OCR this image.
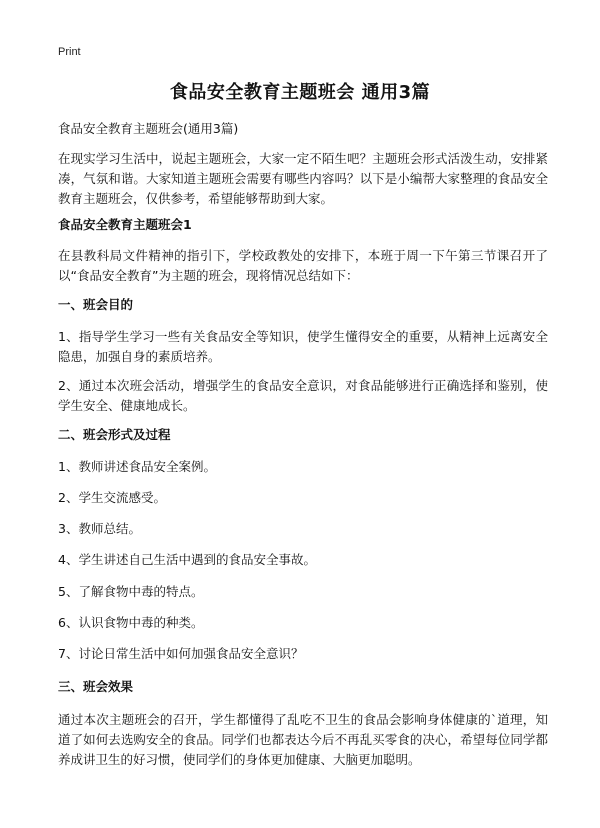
Print
食品安全教育主题班会 通用3篇
食品安全教育主题班会(通用3篇)
在现实学习生活中，说起主题班会，大家一定不陌生吧？主题班会形式活泼生动，安排紧凑，气氛和谐。大家知道主题班会需要有哪些内容吗？以下是小编帮大家整理的食品安全教育主题班会，仅供参考，希望能够帮助到大家。
食品安全教育主题班会1
在县教科局文件精神的指引下，学校政教处的安排下，本班于周一下午第三节课召开了以“食品安全教育”为主题的班会，现将情况总结如下：
一、班会目的
1、指导学生学习一些有关食品安全等知识，使学生懂得安全的重要，从精神上远离安全隐患，加强自身的素质培养。
2、通过本次班会活动，增强学生的食品安全意识，对食品能够进行正确选择和鉴别，使学生安全、健康地成长。
二、班会形式及过程
1、教师讲述食品安全案例。
2、学生交流感受。
3、教师总结。
4、学生讲述自己生活中遇到的食品安全事故。
5、了解食物中毒的特点。
6、认识食物中毒的种类。
7、讨论日常生活中如何加强食品安全意识？
三、班会效果
通过本次主题班会的召开，学生都懂得了乱吃不卫生的食品会影响身体健康的`道理，知道了如何去选购安全的食品。同学们也都表达今后不再乱买零食的决心，希望每位同学都养成讲卫生的好习惯，使同学们的身体更加健康、大脑更加聪明。
